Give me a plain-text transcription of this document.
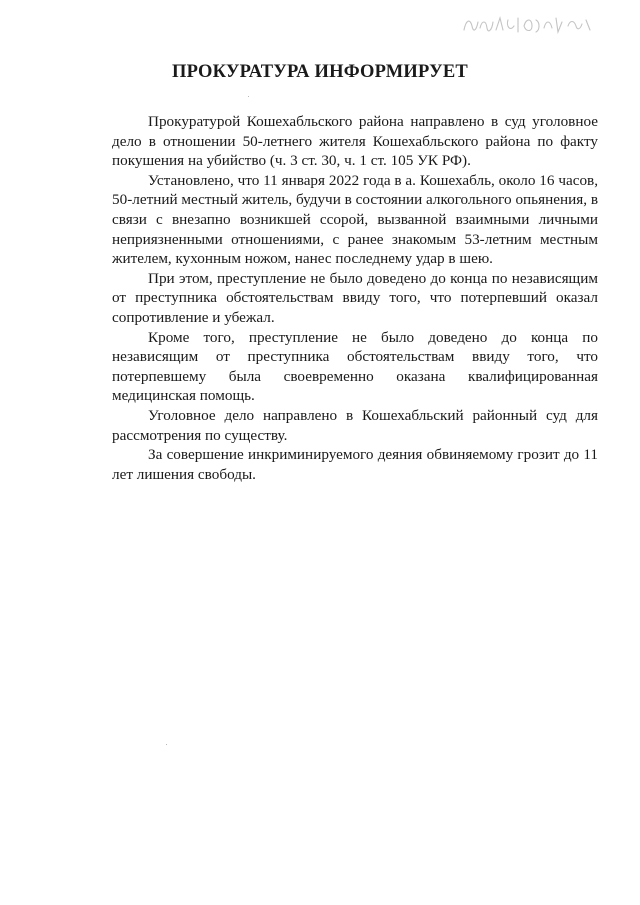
ПРОКУРАТУРА ИНФОРМИРУЕТ

Прокуратурой Кошехабльского района направлено в суд уголовное дело в отношении 50-летнего жителя Кошехабльского района по факту покушения на убийство (ч. 3 ст. 30, ч. 1 ст. 105 УК РФ).

Установлено, что 11 января 2022 года в а. Кошехабль, около 16 часов, 50-летний местный житель, будучи в состоянии алкогольного опьянения, в связи с внезапно возникшей ссорой, вызванной взаимными личными неприязненными отношениями, с ранее знакомым 53-летним местным жителем, кухонным ножом, нанес последнему удар в шею.

При этом, преступление не было доведено до конца по независящим от преступника обстоятельствам ввиду того, что потерпевший оказал сопротивление и убежал.

Кроме того, преступление не было доведено до конца по независящим от преступника обстоятельствам ввиду того, что потерпевшему была своевременно оказана квалифицированная медицинская помощь.

Уголовное дело направлено в Кошехабльский районный суд для рассмотрения по существу.

За совершение инкриминируемого деяния обвиняемому грозит до 11 лет лишения свободы.
